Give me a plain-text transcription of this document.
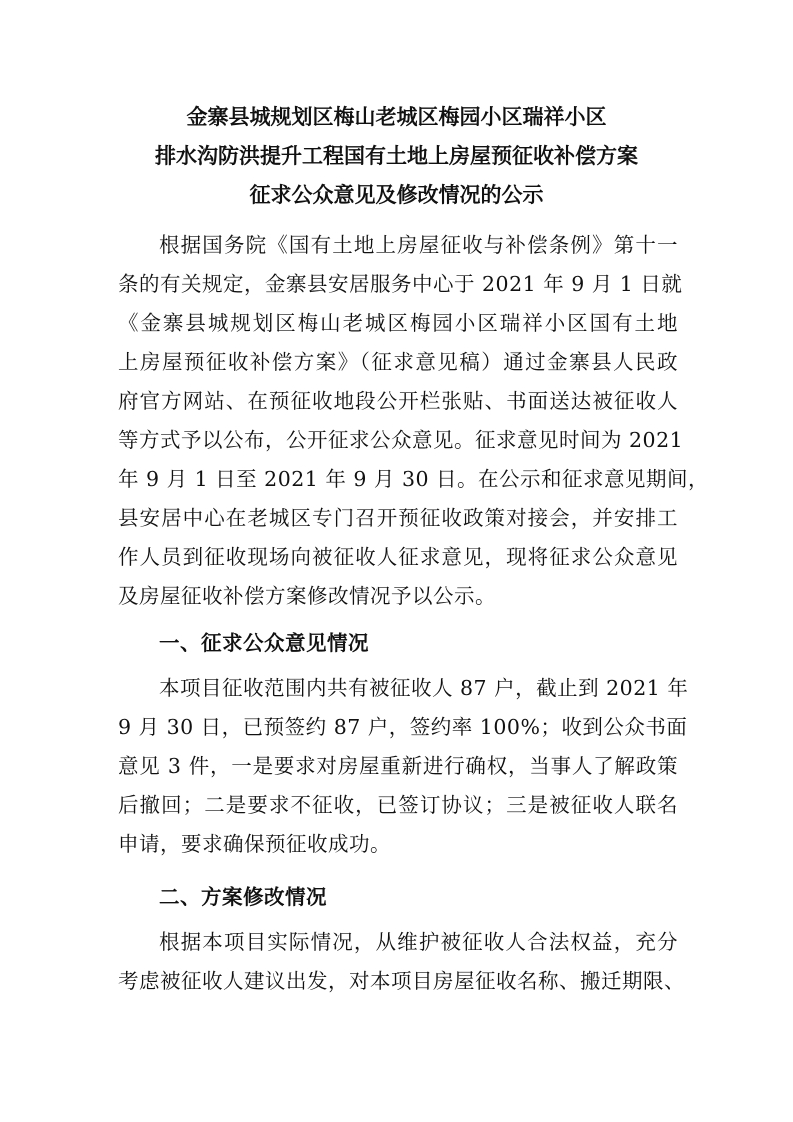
金寨县城规划区梅山老城区梅园小区瑞祥小区

排水沟防洪提升工程国有土地上房屋预征收补偿方案

征求公众意见及修改情况的公示

根据国务院《国有土地上房屋征收与补偿条例》第十一
条的有关规定，金寨县安居服务中心于 2021 年 9 月 1 日就
《金寨县城规划区梅山老城区梅园小区瑞祥小区国有土地
上房屋预征收补偿方案》（征求意见稿）通过金寨县人民政
府官方网站、在预征收地段公开栏张贴、书面送达被征收人
等方式予以公布，公开征求公众意见。征求意见时间为 2021
年 9 月 1 日至 2021 年 9 月 30 日。在公示和征求意见期间，
县安居中心在老城区专门召开预征收政策对接会，并安排工
作人员到征收现场向被征收人征求意见，现将征求公众意见
及房屋征收补偿方案修改情况予以公示。

一、征求公众意见情况

本项目征收范围内共有被征收人 87 户，截止到 2021 年
9 月 30 日，已预签约 87 户，签约率 100%；收到公众书面
意见 3 件，一是要求对房屋重新进行确权，当事人了解政策
后撤回；二是要求不征收，已签订协议；三是被征收人联名
申请，要求确保预征收成功。

二、方案修改情况

根据本项目实际情况，从维护被征收人合法权益，充分
考虑被征收人建议出发，对本项目房屋征收名称、搬迁期限、
